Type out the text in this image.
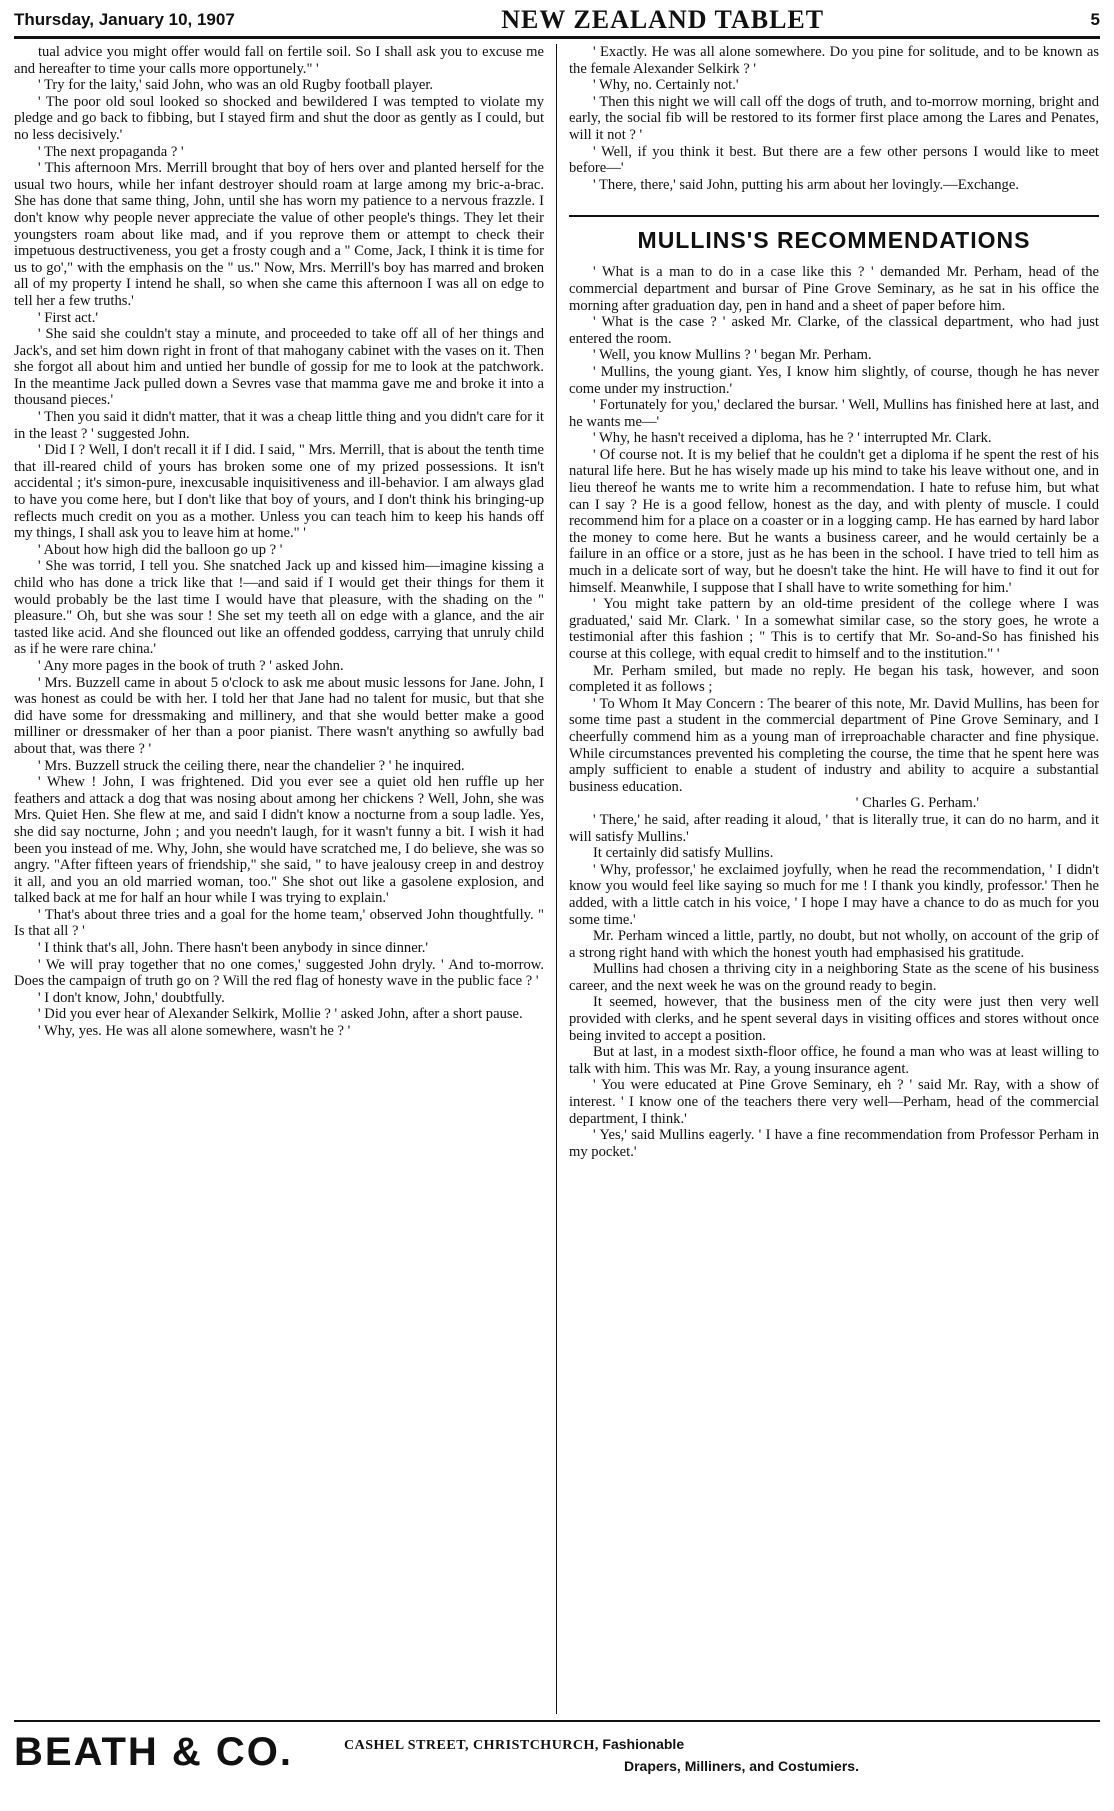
Thursday, January 10, 1907	NEW ZEALAND TABLET	5

tual advice you might offer would fall on fertile soil. So I shall ask you to excuse me and hereafter to time your calls more opportunely." '

' Try for the laity,' said John, who was an old Rugby football player.

' The poor old soul looked so shocked and bewildered I was tempted to violate my pledge and go back to fibbing, but I stayed firm and shut the door as gently as I could, but no less decisively.'

' The next propaganda ? '

' This afternoon Mrs. Merrill brought that boy of hers over and planted herself for the usual two hours, while her infant destroyer should roam at large among my bric-a-brac. She has done that same thing, John, until she has worn my patience to a nervous frazzle. I don't know why people never appreciate the value of other people's things. They let their youngsters roam about like mad, and if you reprove them or attempt to check their impetuous destructiveness, you get a frosty cough and a " Come, Jack, I think it is time for us to go'," with the emphasis on the " us." Now, Mrs. Merrill's boy has marred and broken all of my property I intend he shall, so when she came this afternoon I was all on edge to tell her a few truths.'

' First act.'

' She said she couldn't stay a minute, and proceeded to take off all of her things and Jack's, and set him down right in front of that mahogany cabinet with the vases on it. Then she forgot all about him and untied her bundle of gossip for me to look at the patchwork. In the meantime Jack pulled down a Sevres vase that mamma gave me and broke it into a thousand pieces.'

' Then you said it didn't matter, that it was a cheap little thing and you didn't care for it in the least ? ' suggested John.

' Did I ? Well, I don't recall it if I did. I said, " Mrs. Merrill, that is about the tenth time that ill-reared child of yours has broken some one of my prized possessions. It isn't accidental ; it's simon-pure, inexcusable inquisitiveness and ill-behavior. I am always glad to have you come here, but I don't like that boy of yours, and I don't think his bringing-up reflects much credit on you as a mother. Unless you can teach him to keep his hands off my things, I shall ask you to leave him at home." '

' About how high did the balloon go up ? '

' She was torrid, I tell you. She snatched Jack up and kissed him—imagine kissing a child who has done a trick like that !—and said if I would get their things for them it would probably be the last time I would have that pleasure, with the shading on the " pleasure." Oh, but she was sour ! She set my teeth all on edge with a glance, and the air tasted like acid. And she flounced out like an offended goddess, carrying that unruly child as if he were rare china.'

' Any more pages in the book of truth ? ' asked John.

' Mrs. Buzzell came in about 5 o'clock to ask me about music lessons for Jane. John, I was honest as could be with her. I told her that Jane had no talent for music, but that she did have some for dressmaking and millinery, and that she would better make a good milliner or dressmaker of her than a poor pianist. There wasn't anything so awfully bad about that, was there ? '

' Mrs. Buzzell struck the ceiling there, near the chandelier ? ' he inquired.

' Whew ! John, I was frightened. Did you ever see a quiet old hen ruffle up her feathers and attack a dog that was nosing about among her chickens ? Well, John, she was Mrs. Quiet Hen. She flew at me, and said I didn't know a nocturne from a soup ladle. Yes, she did say nocturne, John ; and you needn't laugh, for it wasn't funny a bit. I wish it had been you instead of me. Why, John, she would have scratched me, I do believe, she was so angry. "After fifteen years of friendship," she said, " to have jealousy creep in and destroy it all, and you an old married woman, too." She shot out like a gasolene explosion, and talked back at me for half an hour while I was trying to explain.'

' That's about three tries and a goal for the home team,' observed John thoughtfully. " Is that all ? '

' I think that's all, John. There hasn't been anybody in since dinner.'

' We will pray together that no one comes,' suggested John dryly. ' And to-morrow. Does the campaign of truth go on ? Will the red flag of honesty wave in the public face ? '

' I don't know, John,' doubtfully.

' Did you ever hear of Alexander Selkirk, Mollie ? ' asked John, after a short pause.

' Why, yes. He was all alone somewhere, wasn't he ? '

' Exactly. He was all alone somewhere. Do you pine for solitude, and to be known as the female Alexander Selkirk ? '

' Why, no. Certainly not.'

' Then this night we will call off the dogs of truth, and to-morrow morning, bright and early, the social fib will be restored to its former first place among the Lares and Penates, will it not ? '

' Well, if you think it best. But there are a few other persons I would like to meet before—'

' There, there,' said John, putting his arm about her lovingly.—Exchange.

MULLINS'S RECOMMENDATIONS

' What is a man to do in a case like this ? ' demanded Mr. Perham, head of the commercial department and bursar of Pine Grove Seminary, as he sat in his office the morning after graduation day, pen in hand and a sheet of paper before him.

' What is the case ? ' asked Mr. Clarke, of the classical department, who had just entered the room.

' Well, you know Mullins ? ' began Mr. Perham.

' Mullins, the young giant. Yes, I know him slightly, of course, though he has never come under my instruction.'

' Fortunately for you,' declared the bursar. ' Well, Mullins has finished here at last, and he wants me—'

' Why, he hasn't received a diploma, has he ? ' interrupted Mr. Clark.

' Of course not. It is my belief that he couldn't get a diploma if he spent the rest of his natural life here. But he has wisely made up his mind to take his leave without one, and in lieu thereof he wants me to write him a recommendation. I hate to refuse him, but what can I say ? He is a good fellow, honest as the day, and with plenty of muscle. I could recommend him for a place on a coaster or in a logging camp. He has earned by hard labor the money to come here. But he wants a business career, and he would certainly be a failure in an office or a store, just as he has been in the school. I have tried to tell him as much in a delicate sort of way, but he doesn't take the hint. He will have to find it out for himself. Meanwhile, I suppose that I shall have to write something for him.'

' You might take pattern by an old-time president of the college where I was graduated,' said Mr. Clark. ' In a somewhat similar case, so the story goes, he wrote a testimonial after this fashion ; " This is to certify that Mr. So-and-So has finished his course at this college, with equal credit to himself and to the institution." '

Mr. Perham smiled, but made no reply. He began his task, however, and soon completed it as follows ;

' To Whom It May Concern : The bearer of this note, Mr. David Mullins, has been for some time past a student in the commercial department of Pine Grove Seminary, and I cheerfully commend him as a young man of irreproachable character and fine physique. While circumstances prevented his completing the course, the time that he spent here was amply sufficient to enable a student of industry and ability to acquire a substantial business education.

' Charles G. Perham.'

' There,' he said, after reading it aloud, ' that is literally true, it can do no harm, and it will satisfy Mullins.'

It certainly did satisfy Mullins.

' Why, professor,' he exclaimed joyfully, when he read the recommendation, ' I didn't know you would feel like saying so much for me ! I thank you kindly, professor.' Then he added, with a little catch in his voice, ' I hope I may have a chance to do as much for you some time.'

Mr. Perham winced a little, partly, no doubt, but not wholly, on account of the grip of a strong right hand with which the honest youth had emphasised his gratitude.

Mullins had chosen a thriving city in a neighboring State as the scene of his business career, and the next week he was on the ground ready to begin.

It seemed, however, that the business men of the city were just then very well provided with clerks, and he spent several days in visiting offices and stores without once being invited to accept a position.

But at last, in a modest sixth-floor office, he found a man who was at least willing to talk with him. This was Mr. Ray, a young insurance agent.

' You were educated at Pine Grove Seminary, eh ? ' said Mr. Ray, with a show of interest. ' I know one of the teachers there very well—Perham, head of the commercial department, I think.'

' Yes,' said Mullins eagerly. ' I have a fine recommendation from Professor Perham in my pocket.'

BEATH & CO.	CASHEL STREET, CHRISTCHURCH, Fashionable
Drapers, Milliners, and Costumiers.
